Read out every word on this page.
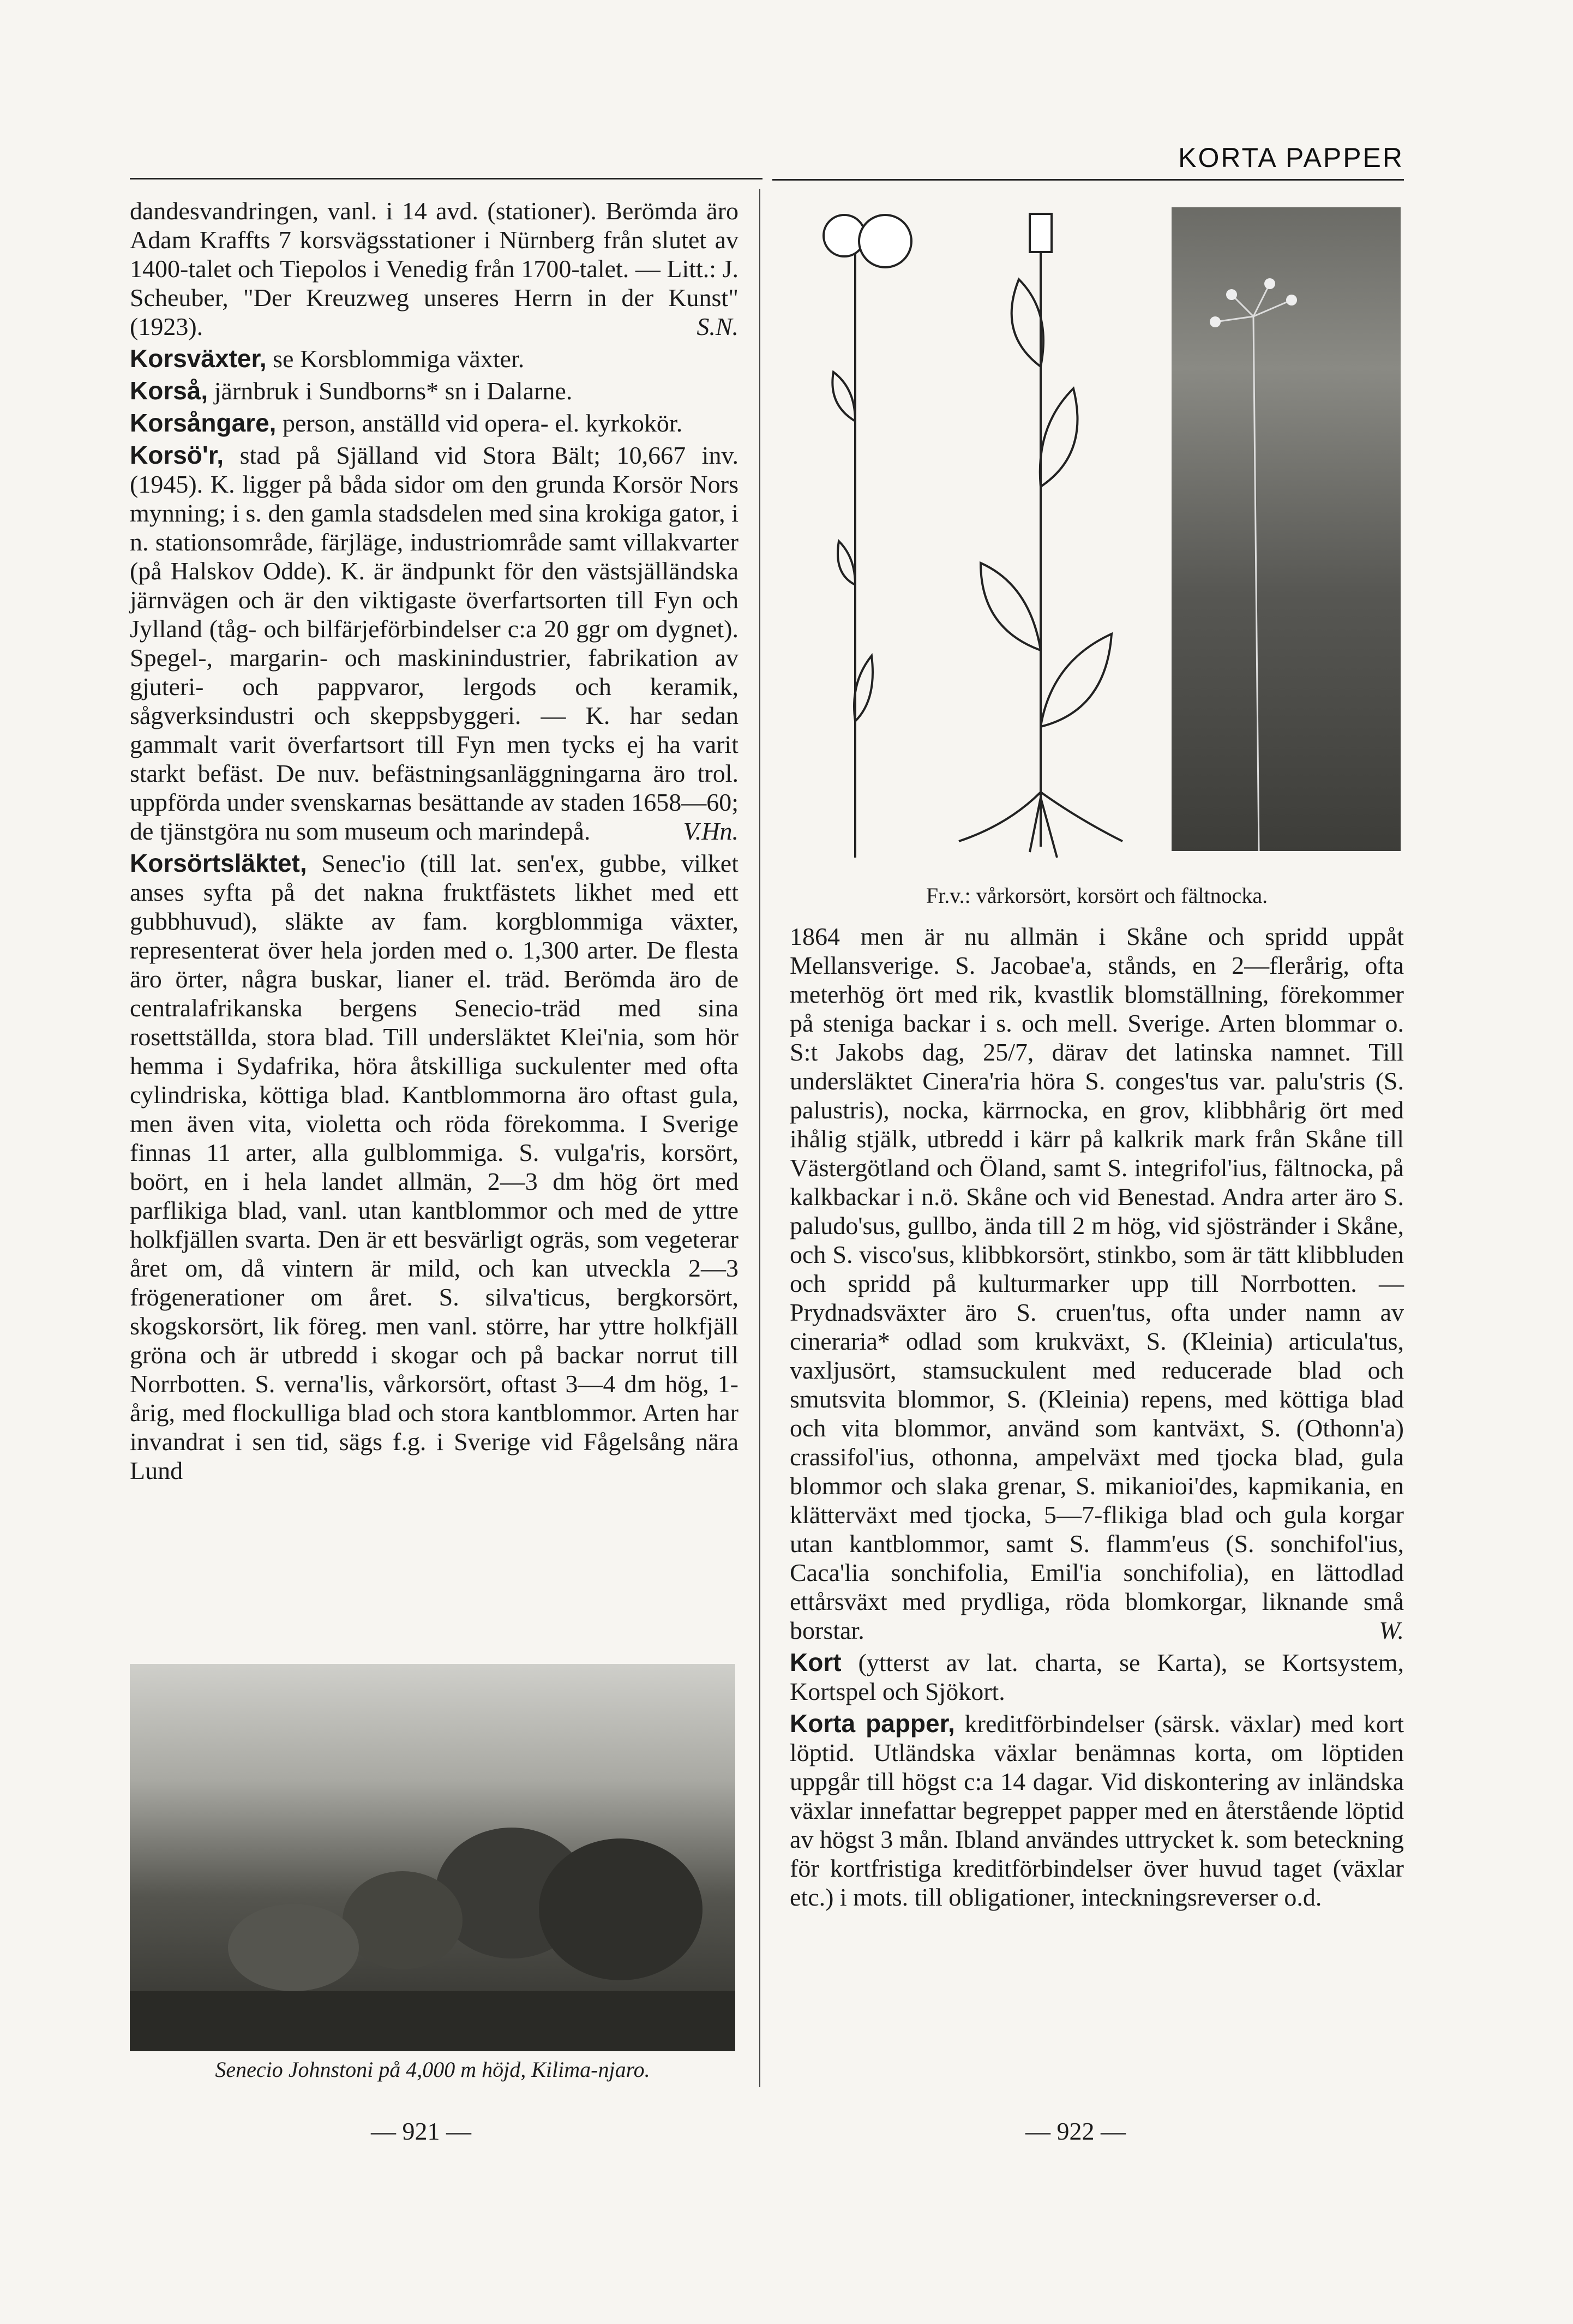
KORTA PAPPER

dandesvandringen, vanl. i 14 avd. (stationer). Berömda äro Adam Kraffts 7 korsvägsstationer i Nürnberg från slutet av 1400-talet och Tiepolos i Venedig från 1700-talet. — Litt.: J. Scheuber, "Der Kreuzweg unseres Herrn in der Kunst" (1923).	S.N.

Korsväxter, se Korsblommiga växter.

Korså, järnbruk i Sundborns* sn i Dalarne.

Korsångare, person, anställd vid opera- el. kyrkokör.

Korsö'r, stad på Själland vid Stora Bält; 10,667 inv. (1945). K. ligger på båda sidor om den grunda Korsör Nors mynning; i s. den gamla stadsdelen med sina krokiga gator, i n. stationsområde, färjläge, industriområde samt villakvarter (på Halskov Odde). K. är ändpunkt för den västsjälländska järnvägen och är den viktigaste överfartsorten till Fyn och Jylland (tåg- och bilfärjeförbindelser c:a 20 ggr om dygnet). Spegel-, margarin- och maskinindustrier, fabrikation av gjuteri- och pappvaror, lergods och keramik, sågverksindustri och skeppsbyggeri. — K. har sedan gammalt varit överfartsort till Fyn men tycks ej ha varit starkt befäst. De nuv. befästningsanläggningarna äro trol. uppförda under svenskarnas besättande av staden 1658—60; de tjänstgöra nu som museum och marindepå.	V.Hn.

Korsörtsläktet, Senec'io (till lat. sen'ex, gubbe, vilket anses syfta på det nakna fruktfästets likhet med ett gubbhuvud), släkte av fam. korgblommiga växter, representerat över hela jorden med o. 1,300 arter. De flesta äro örter, några buskar, lianer el. träd. Berömda äro de centralafrikanska bergens Senecio-träd med sina rosettställda, stora blad. Till undersläktet Klei'nia, som hör hemma i Sydafrika, höra åtskilliga suckulenter med ofta cylindriska, köttiga blad. Kantblommorna äro oftast gula, men även vita, violetta och röda förekomma. I Sverige finnas 11 arter, alla gulblommiga. S. vulga'ris, korsört, boört, en i hela landet allmän, 2—3 dm hög ört med parflikiga blad, vanl. utan kantblommor och med de yttre holkfjällen svarta. Den är ett besvärligt ogräs, som vegeterar året om, då vintern är mild, och kan utveckla 2—3 frögenerationer om året. S. silva'ticus, bergkorsört, skogskorsört, lik föreg. men vanl. större, har yttre holkfjäll gröna och är utbredd i skogar och på backar norrut till Norrbotten. S. verna'lis, vårkorsört, oftast 3—4 dm hög, 1-årig, med flockulliga blad och stora kantblommor. Arten har invandrat i sen tid, sägs f.g. i Sverige vid Fågelsång nära Lund

Fr.v.: vårkorsört, korsört och fältnocka.

1864 men är nu allmän i Skåne och spridd uppåt Mellansverige. S. Jacobae'a, stånds, en 2—flerårig, ofta meterhög ört med rik, kvastlik blomställning, förekommer på steniga backar i s. och mell. Sverige. Arten blommar o. S:t Jakobs dag, 25/7, därav det latinska namnet. Till undersläktet Cinera'ria höra S. conges'tus var. palu'stris (S. palustris), nocka, kärrnocka, en grov, klibbhårig ört med ihålig stjälk, utbredd i kärr på kalkrik mark från Skåne till Västergötland och Öland, samt S. integrifol'ius, fältnocka, på kalkbackar i n.ö. Skåne och vid Benestad. Andra arter äro S. paludo'sus, gullbo, ända till 2 m hög, vid sjöstränder i Skåne, och S. visco'sus, klibbkorsört, stinkbo, som är tätt klibbluden och spridd på kulturmarker upp till Norrbotten. — Prydnadsväxter äro S. cruen'tus, ofta under namn av cineraria* odlad som krukväxt, S. (Kleinia) articula'tus, vaxljusört, stamsuckulent med reducerade blad och smutsvita blommor, S. (Kleinia) repens, med köttiga blad och vita blommor, använd som kantväxt, S. (Othonn'a) crassifol'ius, othonna, ampelväxt med tjocka blad, gula blommor och slaka grenar, S. mikanioi'des, kapmikania, en klätterväxt med tjocka, 5—7-flikiga blad och gula korgar utan kantblommor, samt S. flamm'eus (S. sonchifol'ius, Caca'lia sonchifolia, Emil'ia sonchifolia), en lättodlad ettårsväxt med prydliga, röda blomkorgar, liknande små borstar.	W.

Kort (ytterst av lat. charta, se Karta), se Kortsystem, Kortspel och Sjökort.

Korta papper, kreditförbindelser (särsk. växlar) med kort löptid. Utländska växlar benämnas korta, om löptiden uppgår till högst c:a 14 dagar. Vid diskontering av inländska växlar innefattar begreppet papper med en återstående löptid av högst 3 mån. Ibland användes uttrycket k. som beteckning för kortfristiga kreditförbindelser över huvud taget (växlar etc.) i mots. till obligationer, inteckningsreverser o.d.

Senecio Johnstoni på 4,000 m höjd, Kilima-njaro.
— 921 —	— 922 —
